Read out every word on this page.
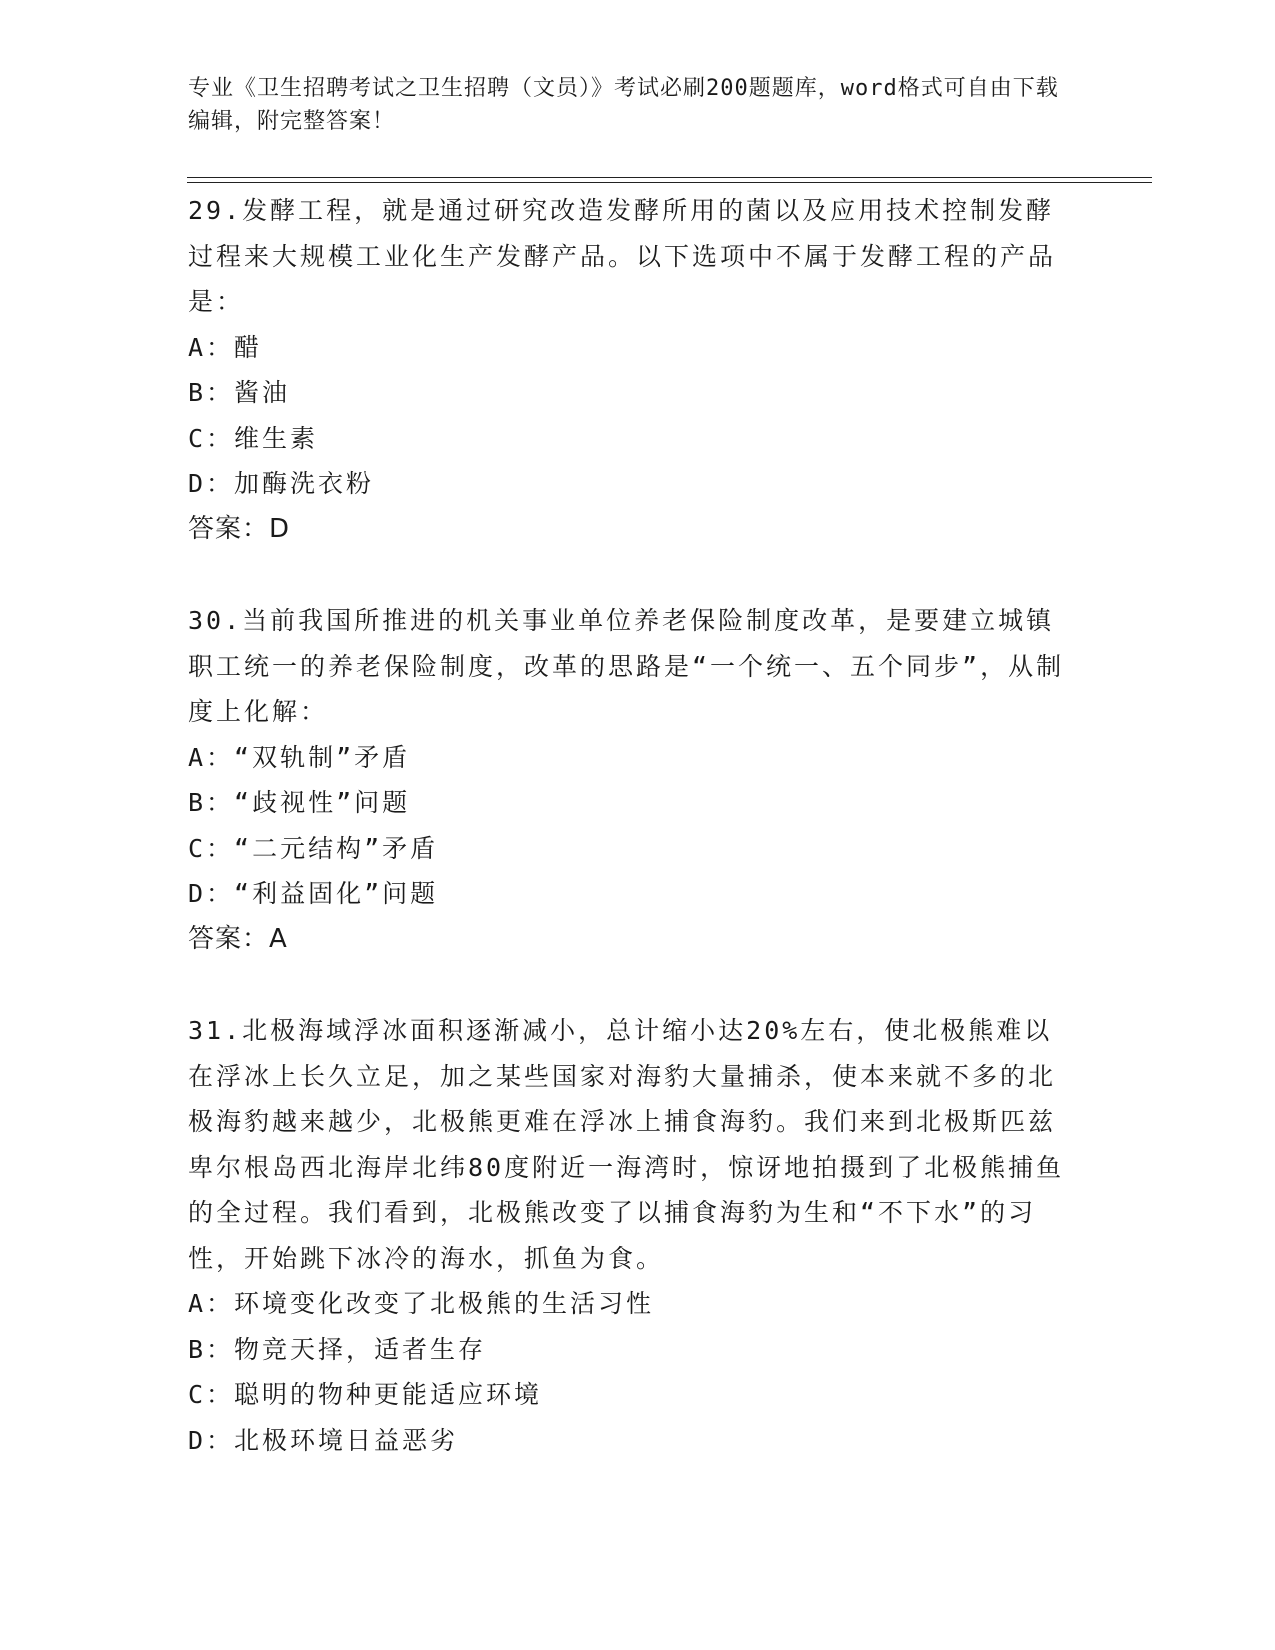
专业《卫生招聘考试之卫生招聘（文员）》考试必刷200题题库，word格式可自由下载编辑，附完整答案！

29.发酵工程，就是通过研究改造发酵所用的菌以及应用技术控制发酵过程来大规模工业化生产发酵产品。以下选项中不属于发酵工程的产品是：

A：醋

B：酱油

C：维生素

D：加酶洗衣粉

答案：D

30.当前我国所推进的机关事业单位养老保险制度改革，是要建立城镇职工统一的养老保险制度，改革的思路是“一个统一、五个同步”，从制度上化解：

A：“双轨制”矛盾

B：“歧视性”问题

C：“二元结构”矛盾

D：“利益固化”问题

答案：A

31.北极海域浮冰面积逐渐减小，总计缩小达20%左右，使北极熊难以在浮冰上长久立足，加之某些国家对海豹大量捕杀，使本来就不多的北极海豹越来越少，北极熊更难在浮冰上捕食海豹。我们来到北极斯匹兹卑尔根岛西北海岸北纬80度附近一海湾时，惊讶地拍摄到了北极熊捕鱼的全过程。我们看到，北极熊改变了以捕食海豹为生和“不下水”的习性，开始跳下冰冷的海水，抓鱼为食。

A：环境变化改变了北极熊的生活习性

B：物竞天择，适者生存

C：聪明的物种更能适应环境

D：北极环境日益恶劣
